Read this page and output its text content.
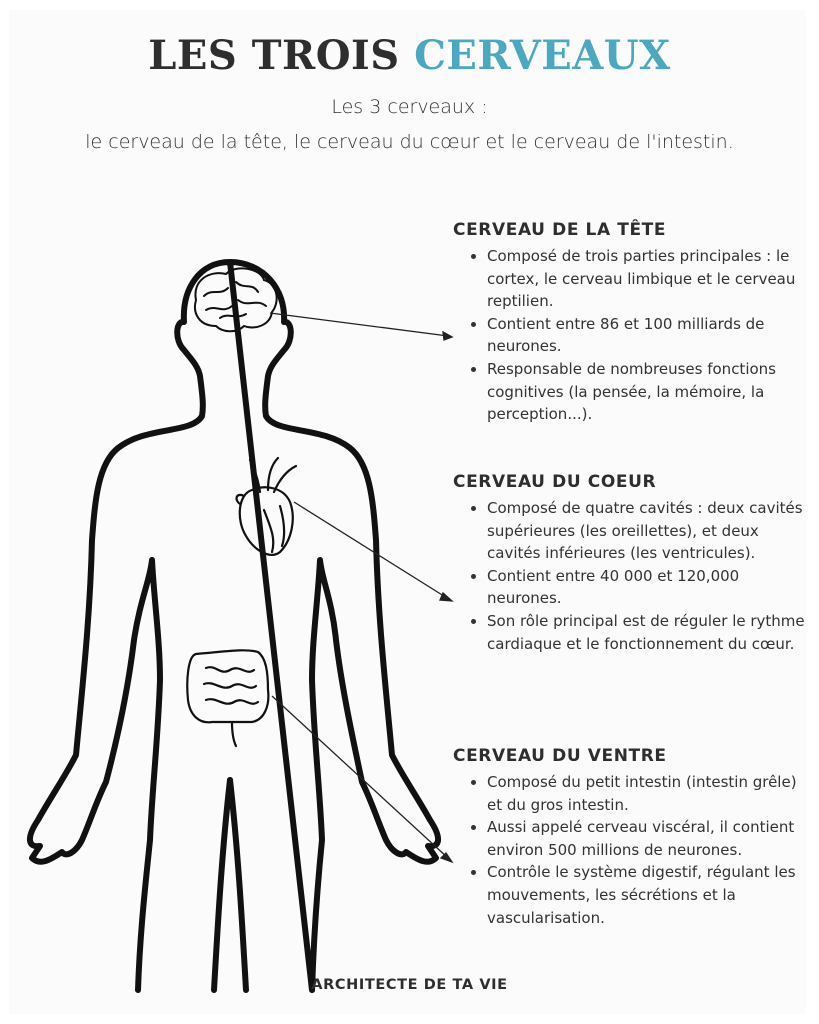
LES TROIS CERVEAUX

Les 3 cerveaux :

le cerveau de la tête, le cerveau du cœur et le cerveau de l'intestin.

CERVEAU DE LA TÊTE
Composé de trois parties principales : le cortex, le cerveau limbique et le cerveau reptilien.
Contient entre 86 et 100 milliards de neurones.
Responsable de nombreuses fonctions cognitives (la pensée, la mémoire, la perception...).
CERVEAU DU COEUR
Composé de quatre cavités : deux cavités supérieures (les oreillettes), et deux cavités inférieures (les ventricules).
Contient entre 40 000 et 120,000 neurones.
Son rôle principal est de réguler le rythme cardiaque et le fonctionnement du cœur.
CERVEAU DU VENTRE
Composé du petit intestin (intestin grêle) et du gros intestin.
Aussi appelé cerveau viscéral, il contient environ 500 millions de neurones.
Contrôle le système digestif, régulant les mouvements, les sécrétions et la vascularisation.
ARCHITECTE DE TA VIE
